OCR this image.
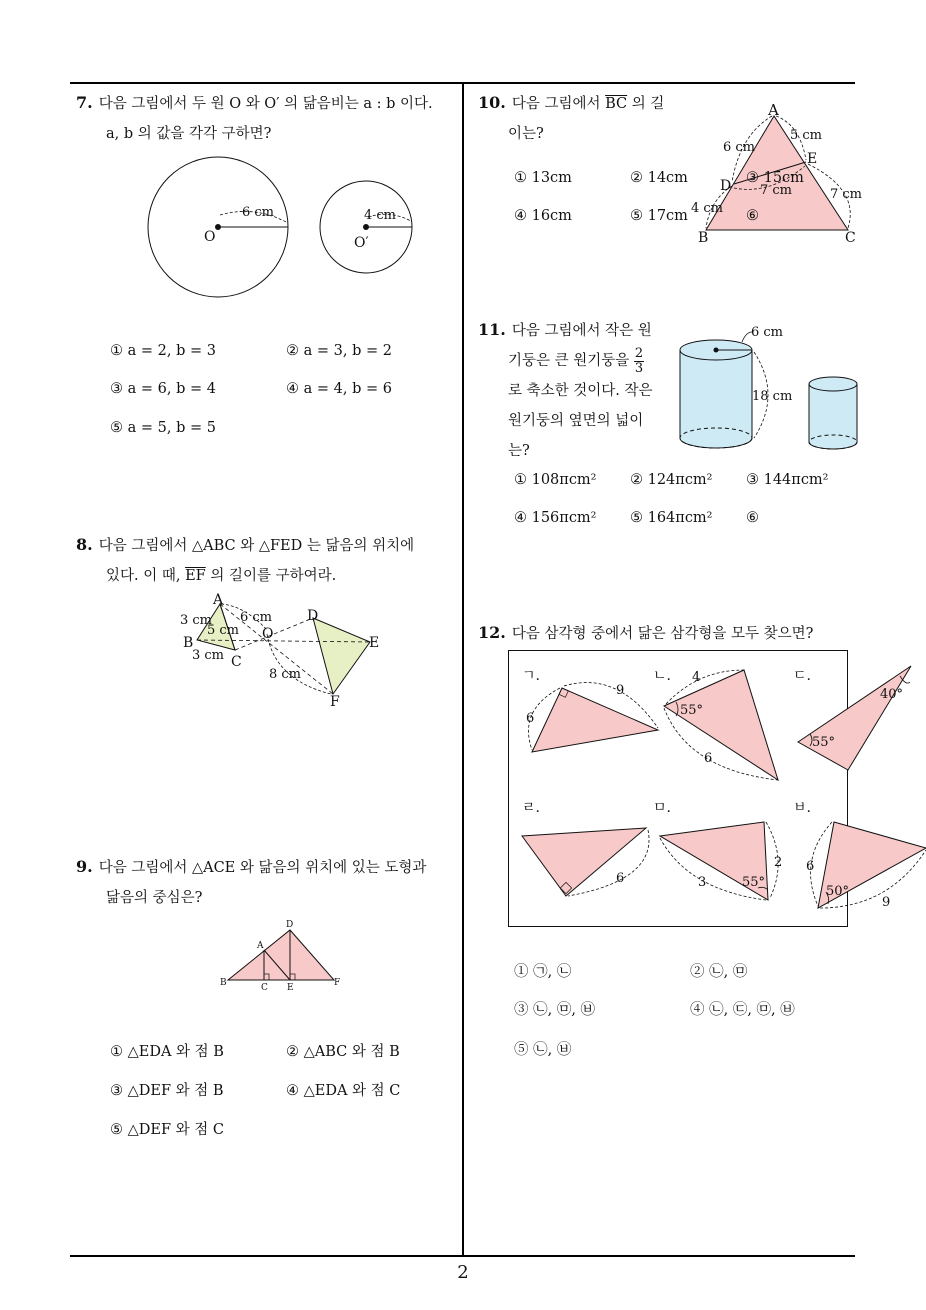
7. 다음 그림에서 두 원 O 와 O′ 의 닮음비는 a : b 이다.
a, b 의 값을 각각 구하면?
O
6 cm
O′
4 cm
① a = 2, b = 3	② a = 3, b = 2
③ a = 6, b = 4	④ a = 4, b = 6
⑤ a = 5, b = 5
8. 다음 그림에서 △ABC 와 △FED 는 닮음의 위치에
있다. 이 때, $\overline{EF}$ 의 길이를 구하여라.
A
B
C
D
E
F
O
3 cm
5 cm
3 cm
6 cm
8 cm
9. 다음 그림에서 △ACE 와 닮음의 위치에 있는 도형과
닮음의 중심은?
B
A
C
D
E	F
① △EDA 와 점 B	② △ABC 와 점 B
③ △DEF 와 점 B	④ △EDA 와 점 C
⑤ △DEF 와 점 C
10. 다음 그림에서 $\overline{BC}$ 의 길
이는?
A
B	C
D
E
6 cm
5 cm
7 cm
4 cm
7 cm
① 13cm	② 14cm	③ 15cm
④ 16cm	⑤ 17cm	⑥
11. 다음 그림에서 작은 원
기둥은 큰 원기둥을 $\frac{2}{3}$
로 축소한 것이다. 작은
원기둥의 옆면의 넓이
는?
6 cm
18 cm
① 108πcm² ② 124πcm² ③ 144πcm²
④ 156πcm² ⑤ 164πcm² ⑥
12. 다음 삼각형 중에서 닮은 삼각형을 모두 찾으면?
ㄱ.
9
6
ㄴ. 4
55°
6
ㄷ.
40°
55°
ㄹ.
6
ㅁ.
3	55°
2
ㅂ.
6
50°
9
① ㉠, ㉡	② ㉡, ㉤
③ ㉡, ㉤, ㉥	④ ㉡, ㉢, ㉤, ㉥
⑤ ㉡, ㉥
2
